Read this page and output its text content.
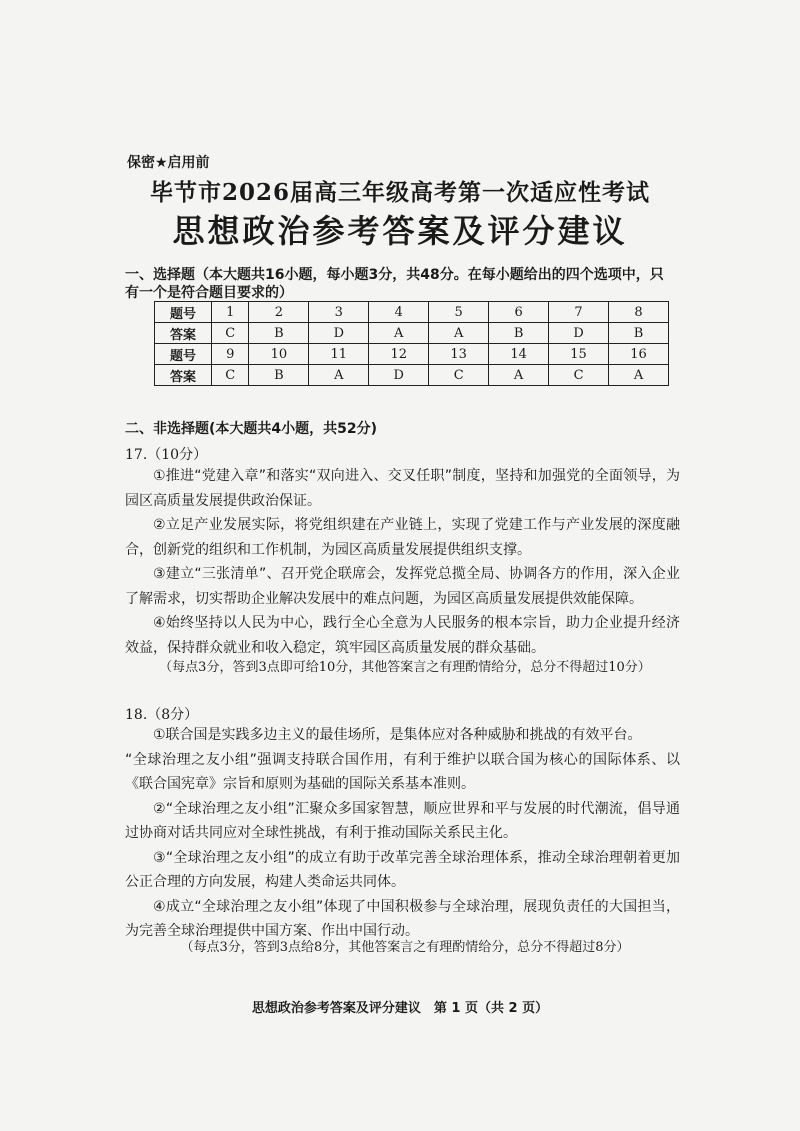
保密★启用前
毕节市2026届高三年级高考第一次适应性考试
思想政治参考答案及评分建议
一、选择题（本大题共16小题，每小题3分，共48分。在每小题给出的四个选项中，只
有一个是符合题目要求的）
题号	1	2	3	4	5	6	7	8
答案	C	B	D	A	A	B	D	B
题号	9	10	11	12	13	14	15	16
答案	C	B	A	D	C	A	C	A
二、非选择题(本大题共4小题，共52分)
17.（10分）

①推进“党建入章”和落实“双向进入、交叉任职”制度，坚持和加强党的全面领导，为园区高质量发展提供政治保证。

②立足产业发展实际，将党组织建在产业链上，实现了党建工作与产业发展的深度融合，创新党的组织和工作机制，为园区高质量发展提供组织支撑。

③建立“三张清单”、召开党企联席会，发挥党总揽全局、协调各方的作用，深入企业了解需求，切实帮助企业解决发展中的难点问题，为园区高质量发展提供效能保障。

④始终坚持以人民为中心，践行全心全意为人民服务的根本宗旨，助力企业提升经济效益，保持群众就业和收入稳定，筑牢园区高质量发展的群众基础。

（每点3分，答到3点即可给10分，其他答案言之有理酌情给分，总分不得超过10分）
18.（8分）

①联合国是实践多边主义的最佳场所，是集体应对各种威胁和挑战的有效平台。

“全球治理之友小组”强调支持联合国作用，有利于维护以联合国为核心的国际体系、以《联合国宪章》宗旨和原则为基础的国际关系基本准则。

②“全球治理之友小组”汇聚众多国家智慧，顺应世界和平与发展的时代潮流，倡导通过协商对话共同应对全球性挑战，有利于推动国际关系民主化。

③“全球治理之友小组”的成立有助于改革完善全球治理体系，推动全球治理朝着更加公正合理的方向发展，构建人类命运共同体。

④成立“全球治理之友小组”体现了中国积极参与全球治理，展现负责任的大国担当，为完善全球治理提供中国方案、作出中国行动。

（每点3分，答到3点给8分，其他答案言之有理酌情给分，总分不得超过8分）
思想政治参考答案及评分建议　第 1 页（共 2 页）
